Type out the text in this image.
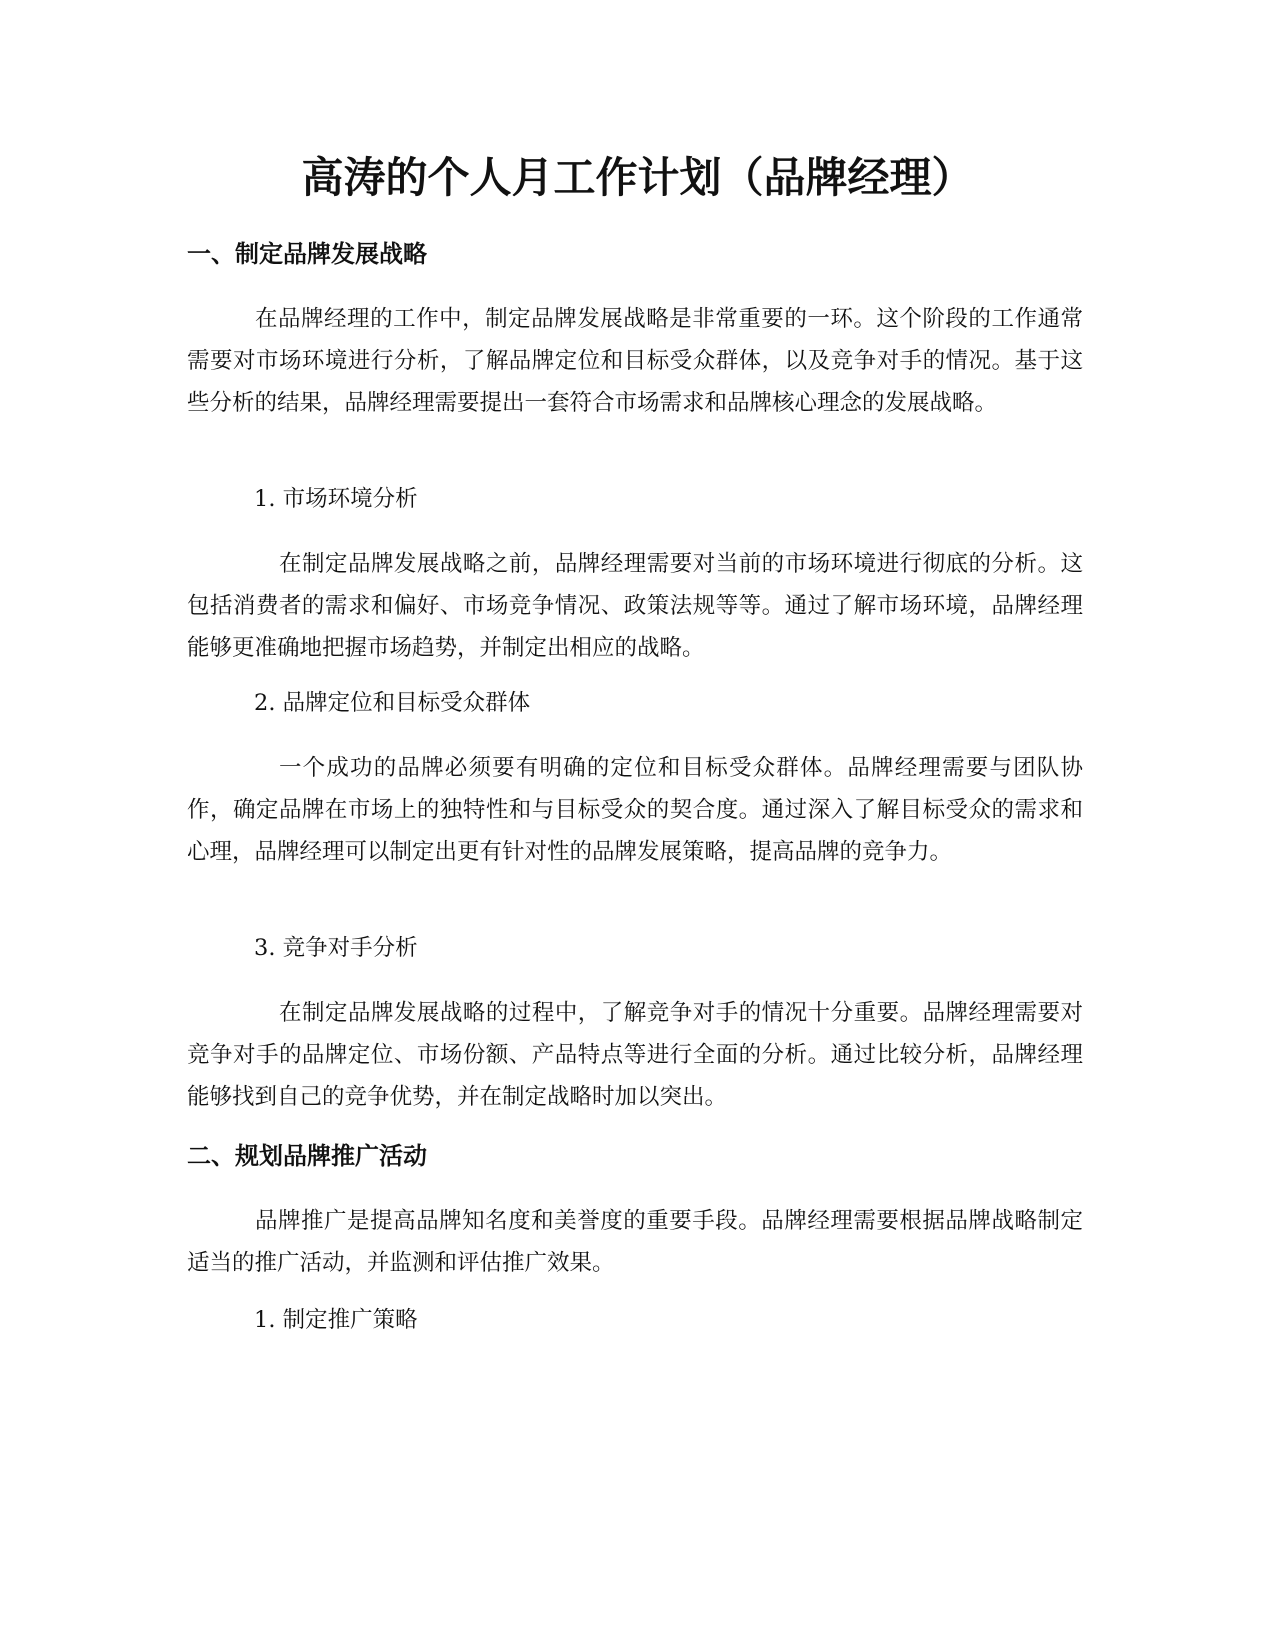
高涛的个人月工作计划（品牌经理）
一、制定品牌发展战略

在品牌经理的工作中，制定品牌发展战略是非常重要的一环。这个阶段的工作通常需要对市场环境进行分析，了解品牌定位和目标受众群体，以及竞争对手的情况。基于这些分析的结果，品牌经理需要提出一套符合市场需求和品牌核心理念的发展战略。

1. 市场环境分析

在制定品牌发展战略之前，品牌经理需要对当前的市场环境进行彻底的分析。这包括消费者的需求和偏好、市场竞争情况、政策法规等等。通过了解市场环境，品牌经理能够更准确地把握市场趋势，并制定出相应的战略。

2. 品牌定位和目标受众群体

一个成功的品牌必须要有明确的定位和目标受众群体。品牌经理需要与团队协作，确定品牌在市场上的独特性和与目标受众的契合度。通过深入了解目标受众的需求和心理，品牌经理可以制定出更有针对性的品牌发展策略，提高品牌的竞争力。

3. 竞争对手分析

在制定品牌发展战略的过程中，了解竞争对手的情况十分重要。品牌经理需要对竞争对手的品牌定位、市场份额、产品特点等进行全面的分析。通过比较分析，品牌经理能够找到自己的竞争优势，并在制定战略时加以突出。

二、规划品牌推广活动

品牌推广是提高品牌知名度和美誉度的重要手段。品牌经理需要根据品牌战略制定适当的推广活动，并监测和评估推广效果。

1. 制定推广策略
